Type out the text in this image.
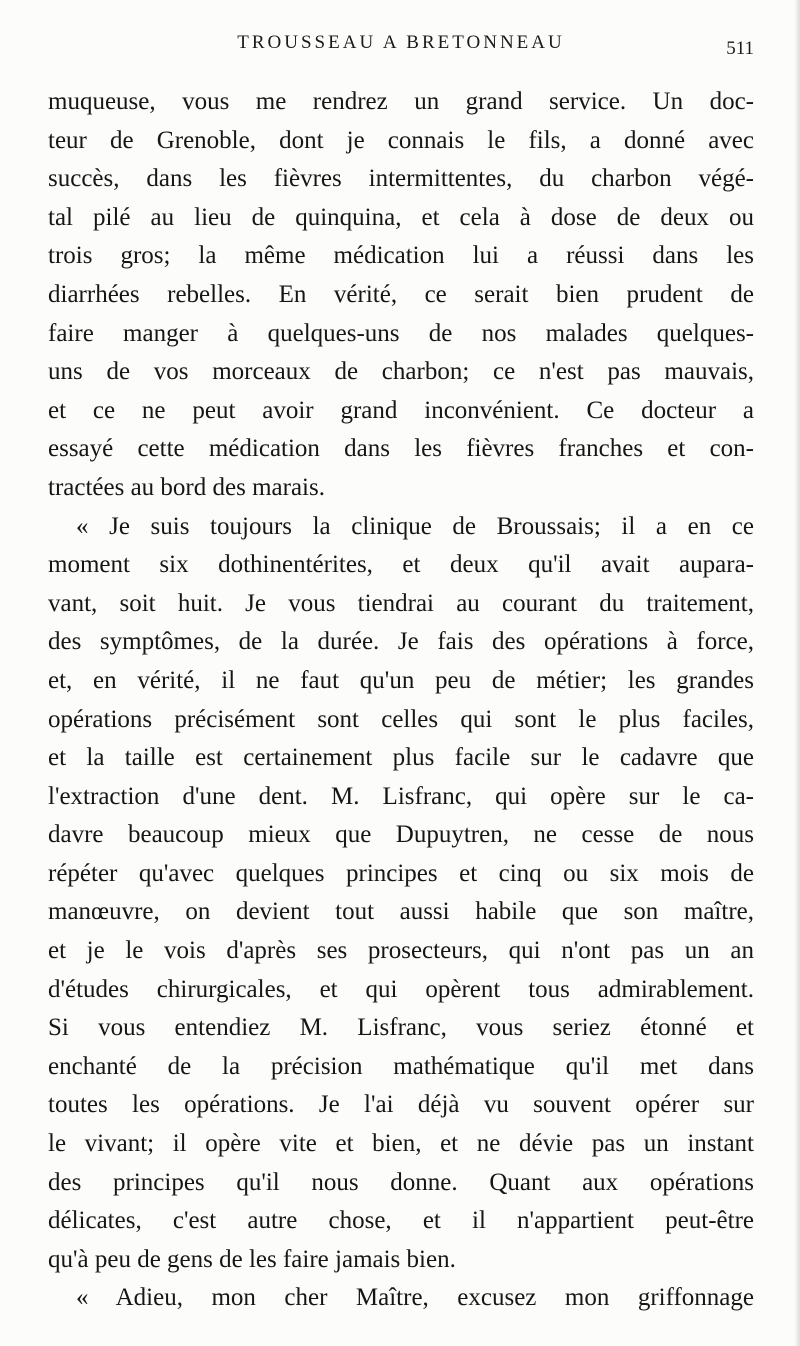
TROUSSEAU A BRETONNEAU	511
muqueuse, vous me rendrez un grand service. Un doc-
teur de Grenoble, dont je connais le fils, a donné avec
succès, dans les fièvres intermittentes, du charbon végé-
tal pilé au lieu de quinquina, et cela à dose de deux ou
trois gros; la même médication lui a réussi dans les
diarrhées rebelles. En vérité, ce serait bien prudent de
faire manger à quelques-uns de nos malades quelques-
uns de vos morceaux de charbon; ce n'est pas mauvais,
et ce ne peut avoir grand inconvénient. Ce docteur a
essayé cette médication dans les fièvres franches et con-
tractées au bord des marais.
« Je suis toujours la clinique de Broussais; il a en ce
moment six dothinentérites, et deux qu'il avait aupara-
vant, soit huit. Je vous tiendrai au courant du traitement,
des symptômes, de la durée. Je fais des opérations à force,
et, en vérité, il ne faut qu'un peu de métier; les grandes
opérations précisément sont celles qui sont le plus faciles,
et la taille est certainement plus facile sur le cadavre que
l'extraction d'une dent. M. Lisfranc, qui opère sur le ca-
davre beaucoup mieux que Dupuytren, ne cesse de nous
répéter qu'avec quelques principes et cinq ou six mois de
manœuvre, on devient tout aussi habile que son maître,
et je le vois d'après ses prosecteurs, qui n'ont pas un an
d'études chirurgicales, et qui opèrent tous admirablement.
Si vous entendiez M. Lisfranc, vous seriez étonné et
enchanté de la précision mathématique qu'il met dans
toutes les opérations. Je l'ai déjà vu souvent opérer sur
le vivant; il opère vite et bien, et ne dévie pas un instant
des principes qu'il nous donne. Quant aux opérations
délicates, c'est autre chose, et il n'appartient peut-être
qu'à peu de gens de les faire jamais bien.
« Adieu, mon cher Maître, excusez mon griffonnage
